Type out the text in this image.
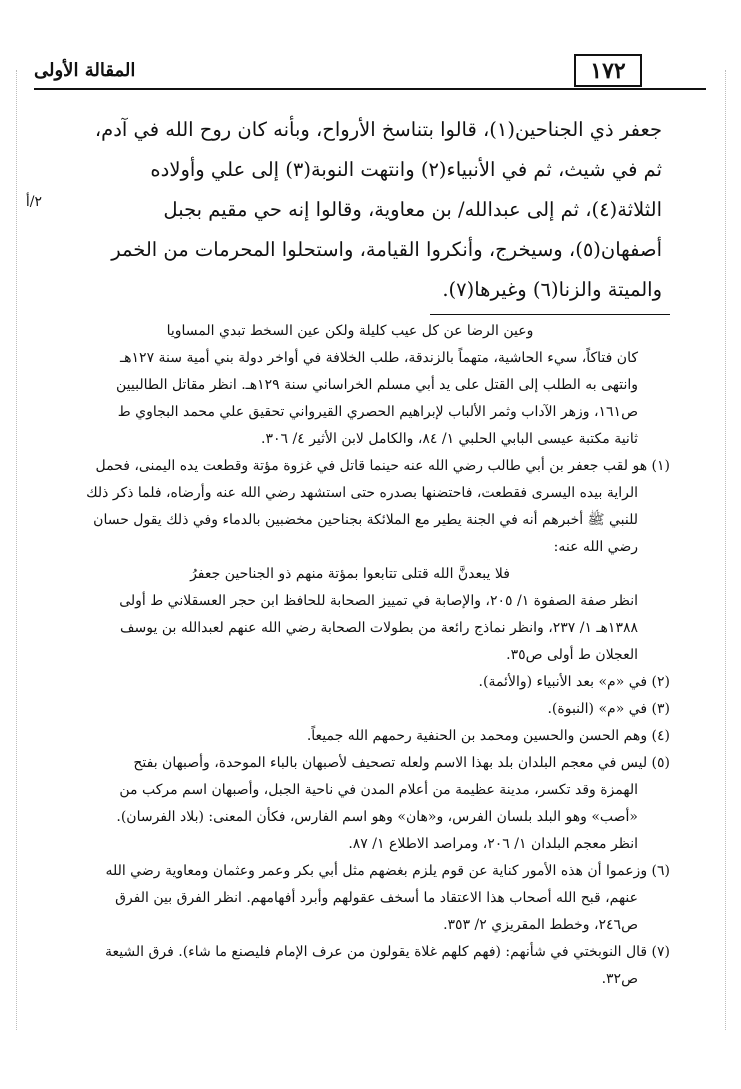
١٧٢
المقالة الأولى
جعفر ذي الجناحين(١)، قالوا بتناسخ الأرواح، وبأنه كان روح الله في آدم،
ثم في شيث، ثم في الأنبياء(٢) وانتهت النوبة(٣) إلى علي وأولاده
الثلاثة(٤)، ثم إلى عبدالله/ بن معاوية، وقالوا إنه حي مقيم بجبل
أصفهان(٥)، وسيخرج، وأنكروا القيامة، واستحلوا المحرمات من الخمر
والميتة والزنا(٦) وغيرها(٧).
٢/أ
وعين الرضا عن كل عيب كليلة ولكن عين السخط تبدي المساويا
كان فتاكاً، سيء الحاشية، متهماً بالزندقة، طلب الخلافة في أواخر دولة بني أمية سنة ١٢٧هـ
وانتهى به الطلب إلى القتل على يد أبي مسلم الخراساني سنة ١٢٩هـ. انظر مقاتل الطالبيين
ص١٦١، وزهر الآداب وثمر الألباب لإبراهيم الحصري القيرواني تحقيق علي محمد البجاوي ط
ثانية مكتبة عيسى البابي الحلبي ١/ ٨٤، والكامل لابن الأثير ٤/ ٣٠٦.
(١) هو لقب جعفر بن أبي طالب رضي الله عنه حينما قاتل في غزوة مؤتة وقطعت يده اليمنى، فحمل
الراية بيده اليسرى فقطعت، فاحتضنها بصدره حتى استشهد رضي الله عنه وأرضاه، فلما ذكر ذلك
للنبي ﷺ أخبرهم أنه في الجنة يطير مع الملائكة بجناحين مخضبين بالدماء وفي ذلك يقول حسان
رضي الله عنه:
فلا يبعدنَّ الله قتلى تتابعوا بمؤتة منهم ذو الجناحين جعفرُ
انظر صفة الصفوة ١/ ٢٠٥، والإصابة في تمييز الصحابة للحافظ ابن حجر العسقلاني ط أولى
١٣٨٨هـ ١/ ٢٣٧، وانظر نماذج رائعة من بطولات الصحابة رضي الله عنهم لعبدالله بن يوسف
العجلان ط أولى ص٣٥.
(٢) في «م» بعد الأنبياء (والأئمة).
(٣) في «م» (النبوة).
(٤) وهم الحسن والحسين ومحمد بن الحنفية رحمهم الله جميعاً.
(٥) ليس في معجم البلدان بلد بهذا الاسم ولعله تصحيف لأصبهان بالباء الموحدة، وأصبهان بفتح
الهمزة وقد تكسر، مدينة عظيمة من أعلام المدن في ناحية الجبل، وأصبهان اسم مركب من
«أصب» وهو البلد بلسان الفرس، و«هان» وهو اسم الفارس، فكأن المعنى: (بلاد الفرسان).
انظر معجم البلدان ١/ ٢٠٦، ومراصد الاطلاع ١/ ٨٧.
(٦) وزعموا أن هذه الأمور كناية عن قوم يلزم بغضهم مثل أبي بكر وعمر وعثمان ومعاوية رضي الله
عنهم، قبح الله أصحاب هذا الاعتقاد ما أسخف عقولهم وأبرد أفهامهم. انظر الفرق بين الفرق
ص٢٤٦، وخطط المقريزي ٢/ ٣٥٣.
(٧) قال النوبختي في شأنهم: (فهم كلهم غلاة يقولون من عرف الإمام فليصنع ما شاء). فرق الشيعة
ص٣٢.
